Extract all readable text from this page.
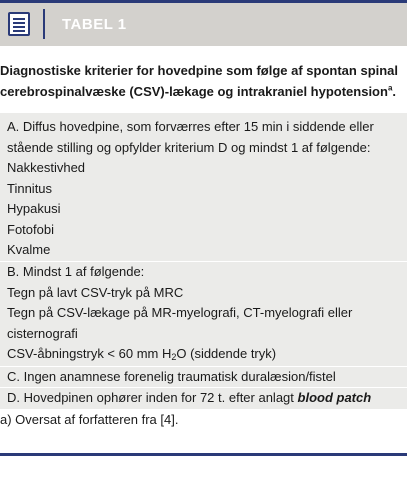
TABEL 1
Diagnostiske kriterier for hovedpine som følge af spontan spinal cerebrospinalvæske (CSV)-lækage og intrakraniel hypotension$^a$.
A. Diffus hovedpine, som forværres efter 15 min i siddende eller
stående stilling og opfylder kriterium D og mindst 1 af følgende:
Nakkestivhed
Tinnitus
Hypakusi
Fotofobi
Kvalme
B. Mindst 1 af følgende:
Tegn på lavt CSV-tryk på MRC
Tegn på CSV-lækage på MR-myelografi, CT-myelografi eller
cisternografi
CSV-åbningstryk < 60 mm $H_2O$ (siddende tryk)
C. Ingen anamnese forenelig traumatisk duralæsion/fistel
D. Hovedpinen ophører inden for 72 t. efter anlagt blood patch
a) Oversat af forfatteren fra [4].
